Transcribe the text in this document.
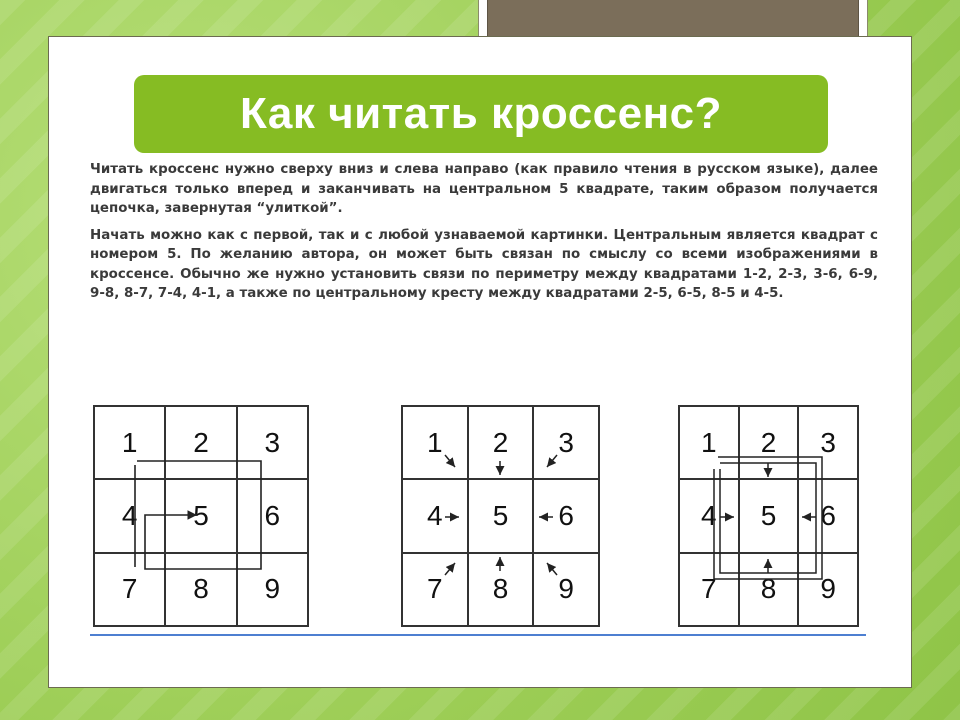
Как читать кроссенс?

Читать кроссенс нужно сверху вниз и слева направо (как правило чтения в русском языке), далее двигаться только вперед и заканчивать на центральном 5 квадрате, таким образом получается цепочка, завернутая “улиткой”.

Начать можно как с первой, так и с любой узнаваемой картинки. Центральным является квадрат с номером 5. По желанию автора, он может быть связан по смыслу со всеми изображениями в кроссенсе. Обычно же нужно установить связи по периметру между квадратами 1-2, 2-3, 3-6, 6-9, 9-8, 8-7, 7-4, 4-1, а также по центральному кресту между квадратами 2-5, 6-5, 8-5 и 4-5.

1	2	3
4	5	6
7	8	9
1	2	3
4	5	6
7	8	9
1	2	3
4	5	6
7	8	9
